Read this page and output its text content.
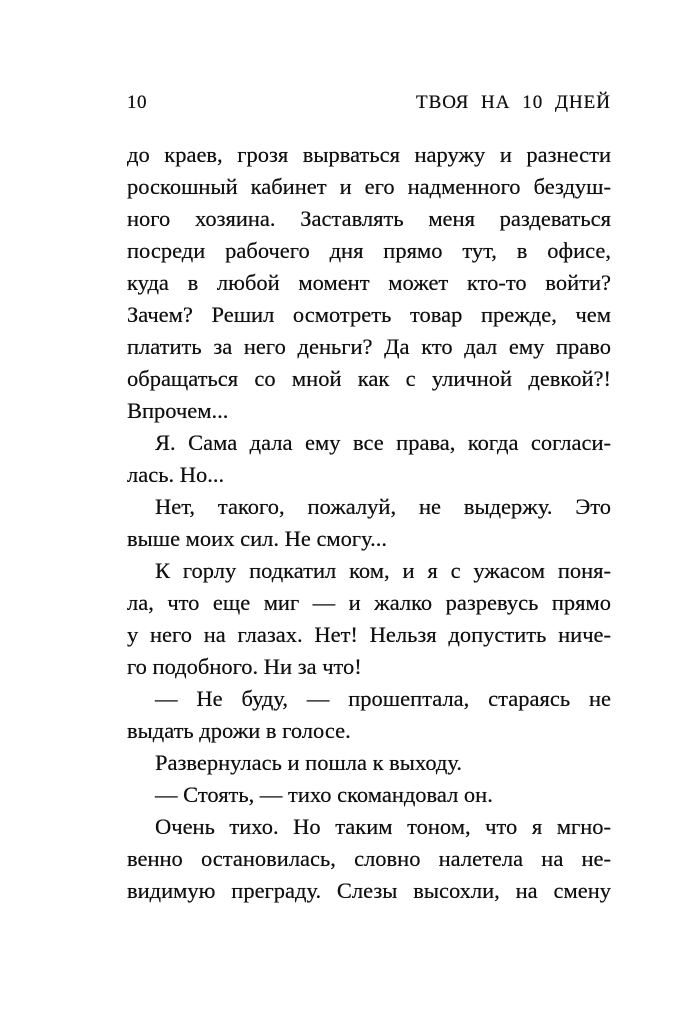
10	ТВОЯ НА 10 ДНЕЙ
до краев, грозя вырваться наружу и разнести
роскошный кабинет и его надменного бездуш-
ного хозяина. Заставлять меня раздеваться
посреди рабочего дня прямо тут, в офисе,
куда в любой момент может кто-то войти?
Зачем? Решил осмотреть товар прежде, чем
платить за него деньги? Да кто дал ему право
обращаться со мной как с уличной девкой?!
Впрочем...
Я. Сама дала ему все права, когда согласи-
лась. Но...
Нет, такого, пожалуй, не выдержу. Это
выше моих сил. Не смогу...
К горлу подкатил ком, и я с ужасом поня-
ла, что еще миг — и жалко разревусь прямо
у него на глазах. Нет! Нельзя допустить ниче-
го подобного. Ни за что!
— Не буду, — прошептала, стараясь не
выдать дрожи в голосе.
Развернулась и пошла к выходу.
— Стоять, — тихо скомандовал он.
Очень тихо. Но таким тоном, что я мгно-
венно остановилась, словно налетела на не-
видимую преграду. Слезы высохли, на смену
